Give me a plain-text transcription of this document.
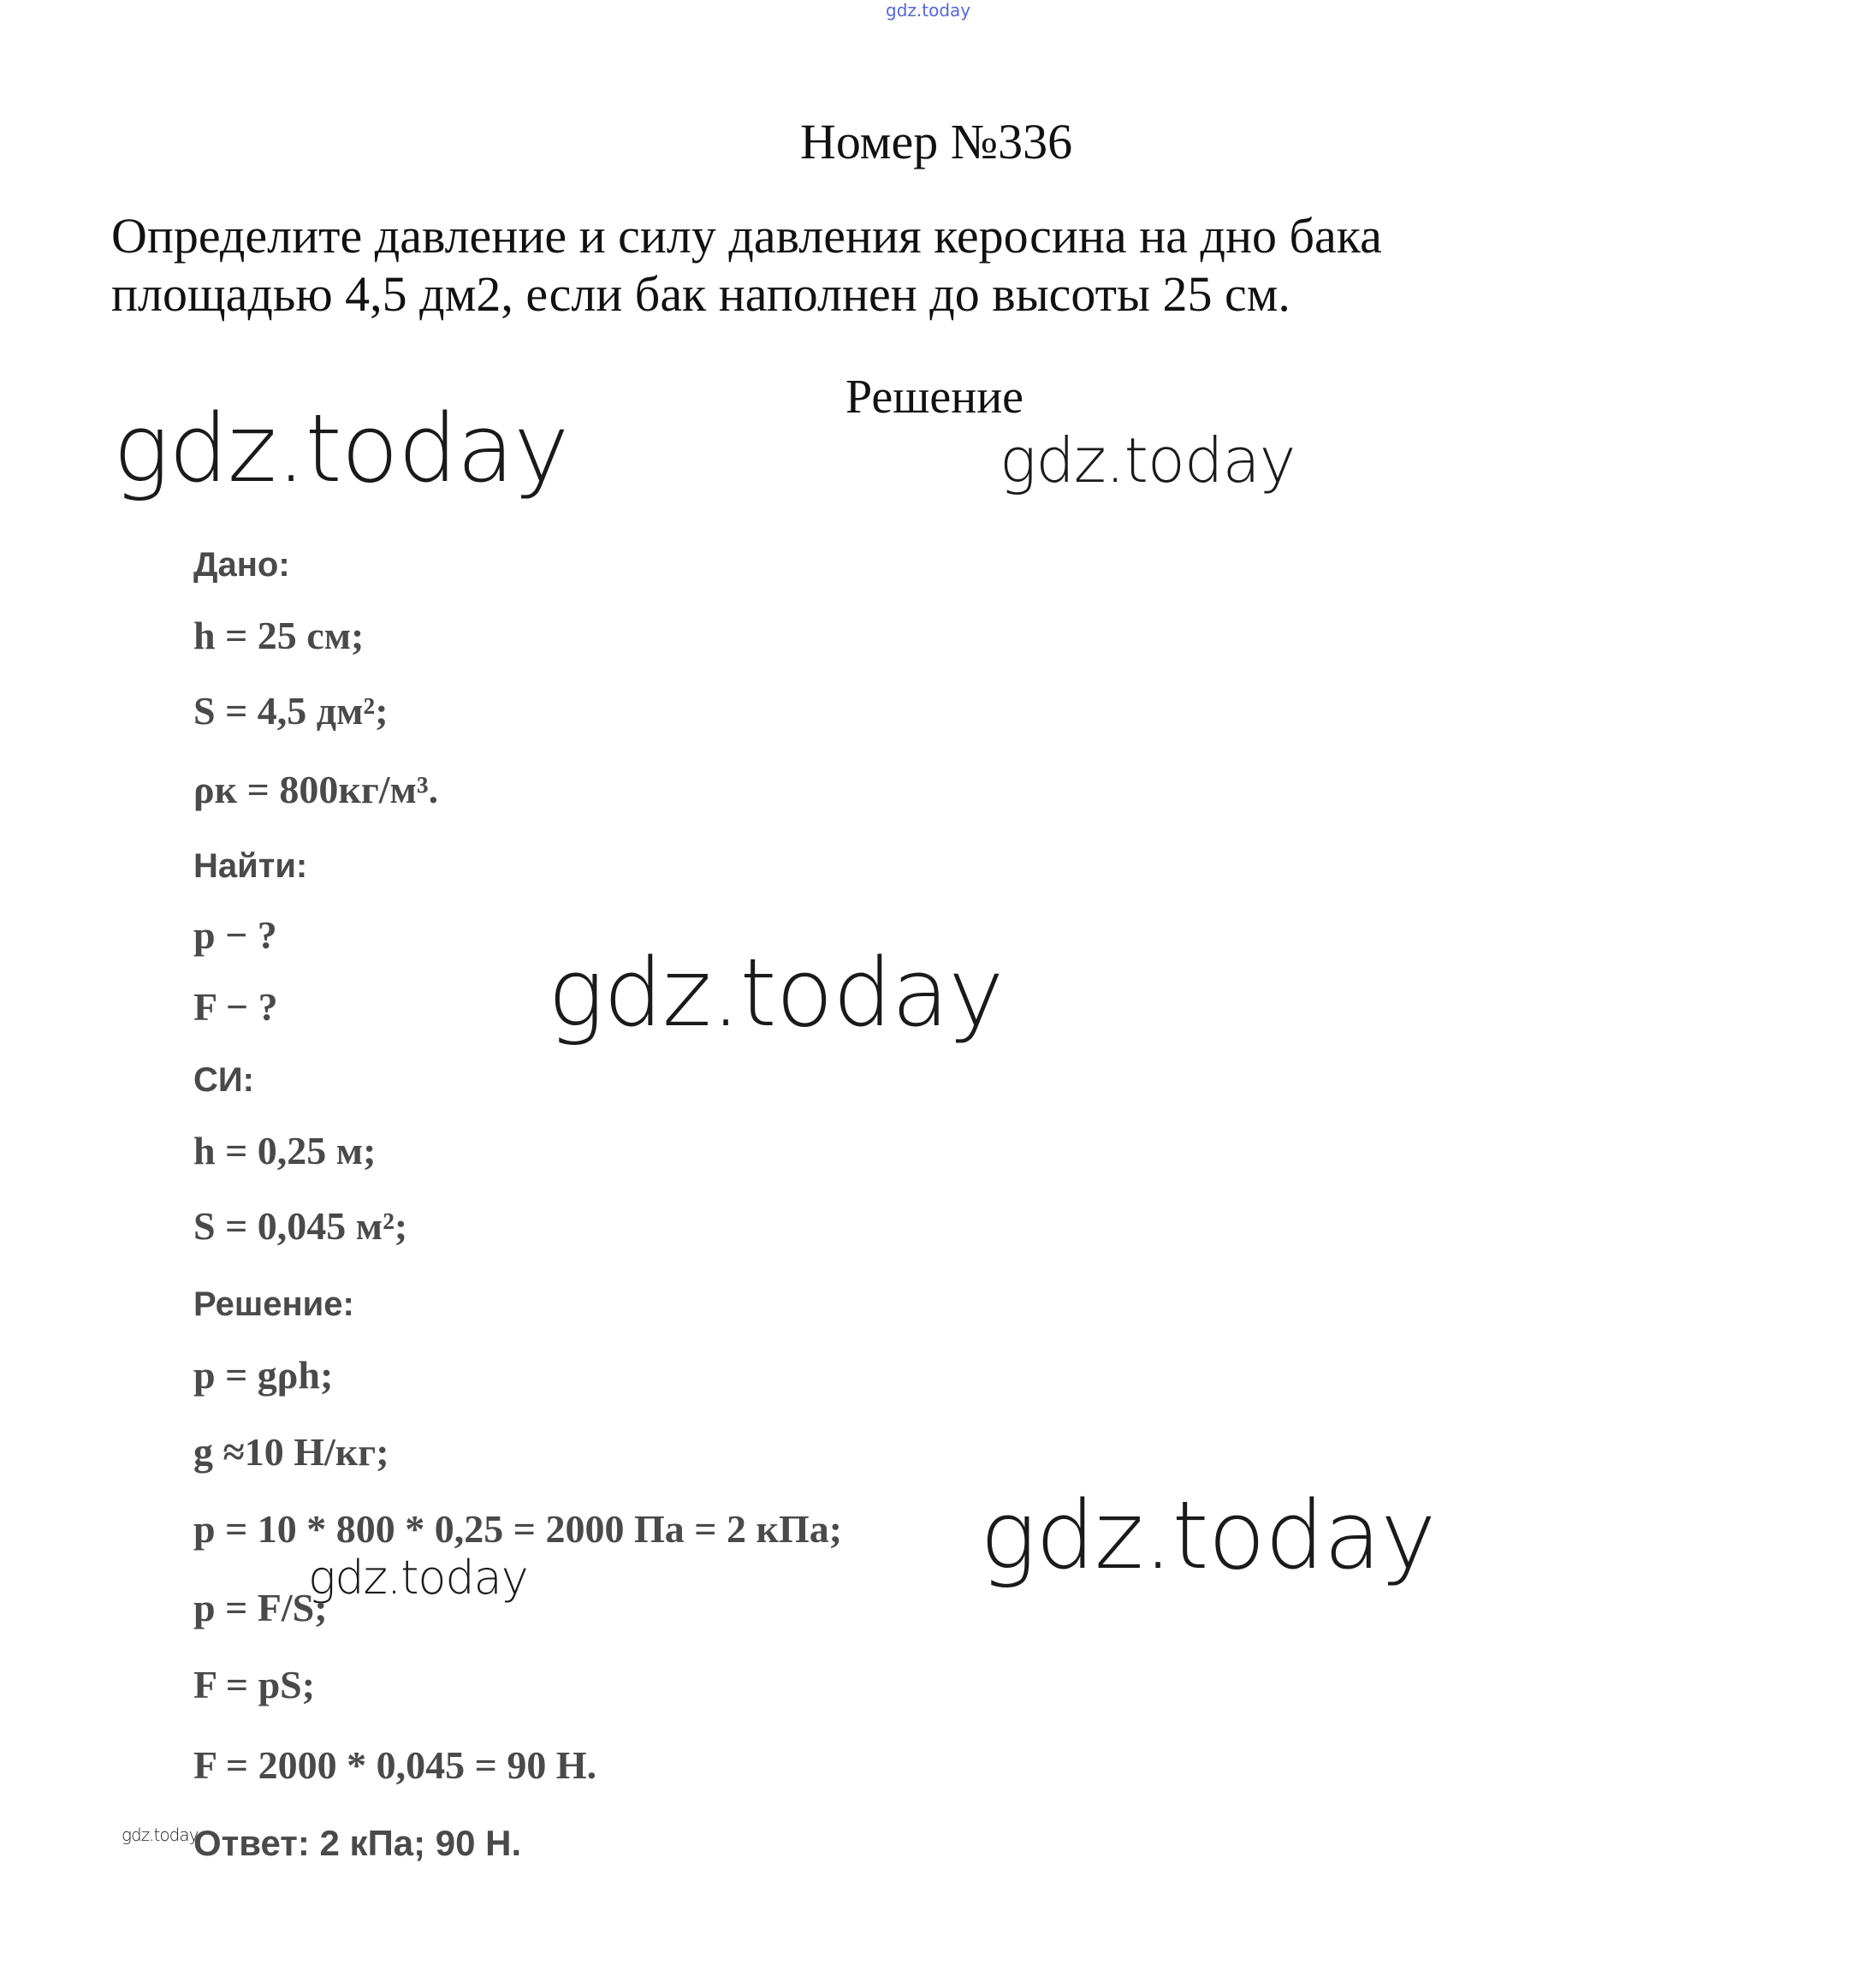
gdz.today
Номер №336
Определите давление и силу давления керосина на дно бака
площадью 4,5 дм2, если бак наполнен до высоты 25 см.
Решение
gdz.today	gdz.today
gdz.today
gdz.today
gdz.today
gdz.today
Дано:
h = 25 см;
S = 4,5 дм²;
ρк = 800кг/м³.
Найти:
p − ?
F − ?
СИ:
h = 0,25 м;
S = 0,045 м²;
Решение:
p = gρh;
g ≈10 Н/кг;
p = 10 * 800 * 0,25 = 2000 Па = 2 кПа;
p = F/S;
F = pS;
F = 2000 * 0,045 = 90 Н.
Ответ: 2 кПа; 90 Н.
